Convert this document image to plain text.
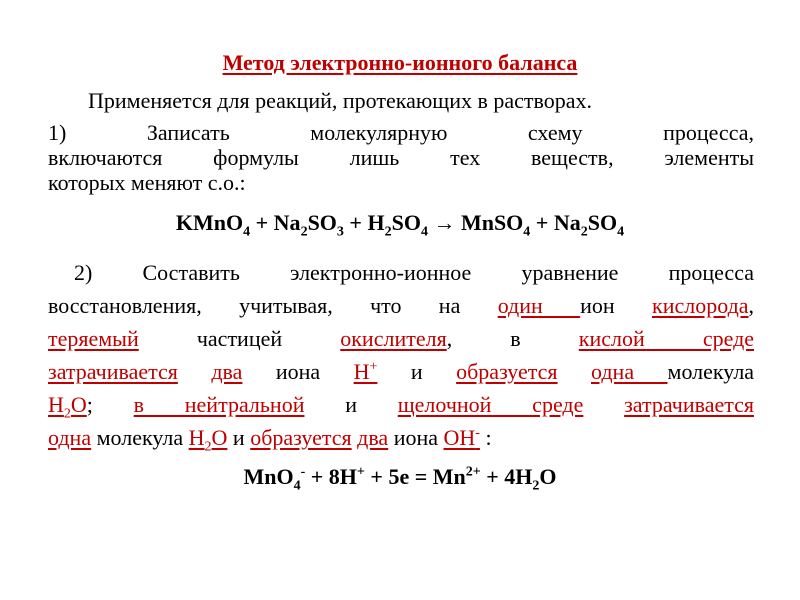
Метод электронно-ионного баланса
Применяется для реакций, протекающих в растворах.
1) Записать молекулярную схему процесса,
включаются формулы лишь тех веществ, элементы
которых меняют с.о.:
KMnO$_4$ + $Na_2SO_3 + H_2SO_4$ → MnSO$_4$ + $Na_2SO_4$
2) Составить электронно-ионное уравнение процесса
восстановления, учитывая, что на один ион кислорода,
теряемый	частицей	окислителя, в	кислой среде
затрачивается два иона H+ и образуется одна молекула
$H_2O$; в нейтральной и щелочной среде затрачивается
одна молекула $H_2O$ и образуется два иона OH- :
$MnO_4^- + 8H^+ + 5e = Mn^{2+} + 4H_2O$
